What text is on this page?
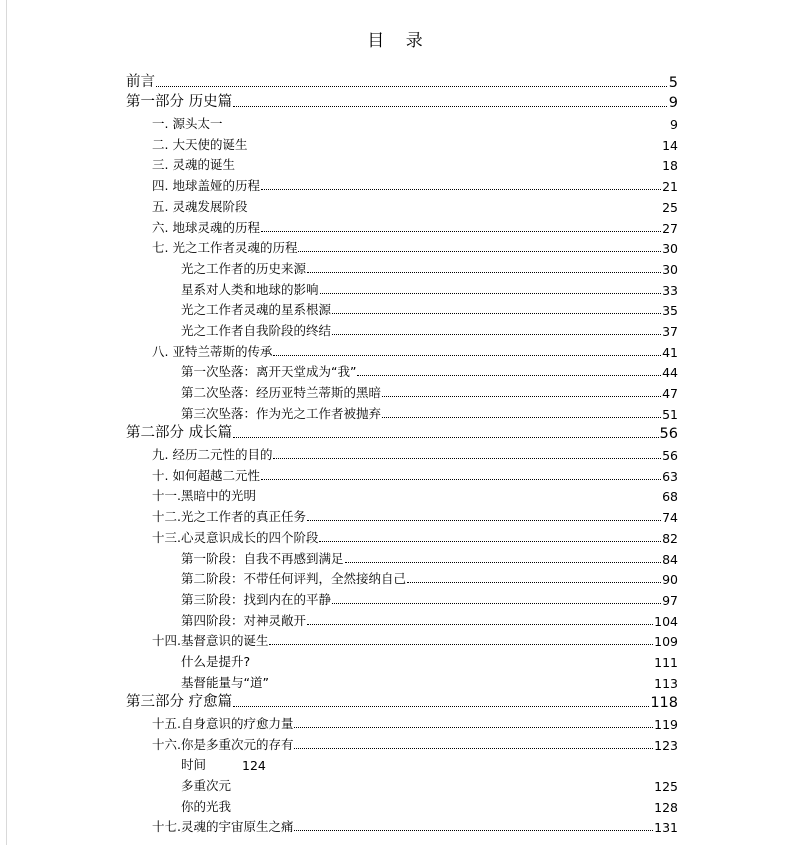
目 录
前言	5
第一部分 历史篇	9
一. 源头太一	9
二. 大天使的诞生	14
三. 灵魂的诞生	18
四. 地球盖娅的历程	21
五. 灵魂发展阶段	25
六. 地球灵魂的历程	27
七. 光之工作者灵魂的历程	30
光之工作者的历史来源	30
星系对人类和地球的影响	33
光之工作者灵魂的星系根源	35
光之工作者自我阶段的终结	37
八. 亚特兰蒂斯的传承	41
第一次坠落：离开天堂成为“我”	44
第二次坠落：经历亚特兰蒂斯的黑暗	47
第三次坠落：作为光之工作者被抛弃	51
第二部分 成长篇	56
九. 经历二元性的目的	56
十. 如何超越二元性	63
十一.黑暗中的光明	68
十二.光之工作者的真正任务	74
十三.心灵意识成长的四个阶段	82
第一阶段：自我不再感到满足	84
第二阶段：不带任何评判，全然接纳自己	90
第三阶段：找到内在的平静	97
第四阶段：对神灵敞开	104
十四.基督意识的诞生	109
什么是提升?	111
基督能量与“道”	113
第三部分 疗愈篇	118
十五.自身意识的疗愈力量	119
十六.你是多重次元的存有	123
时间	124
多重次元	125
你的光我	128
十七.灵魂的宇宙原生之痛	131
